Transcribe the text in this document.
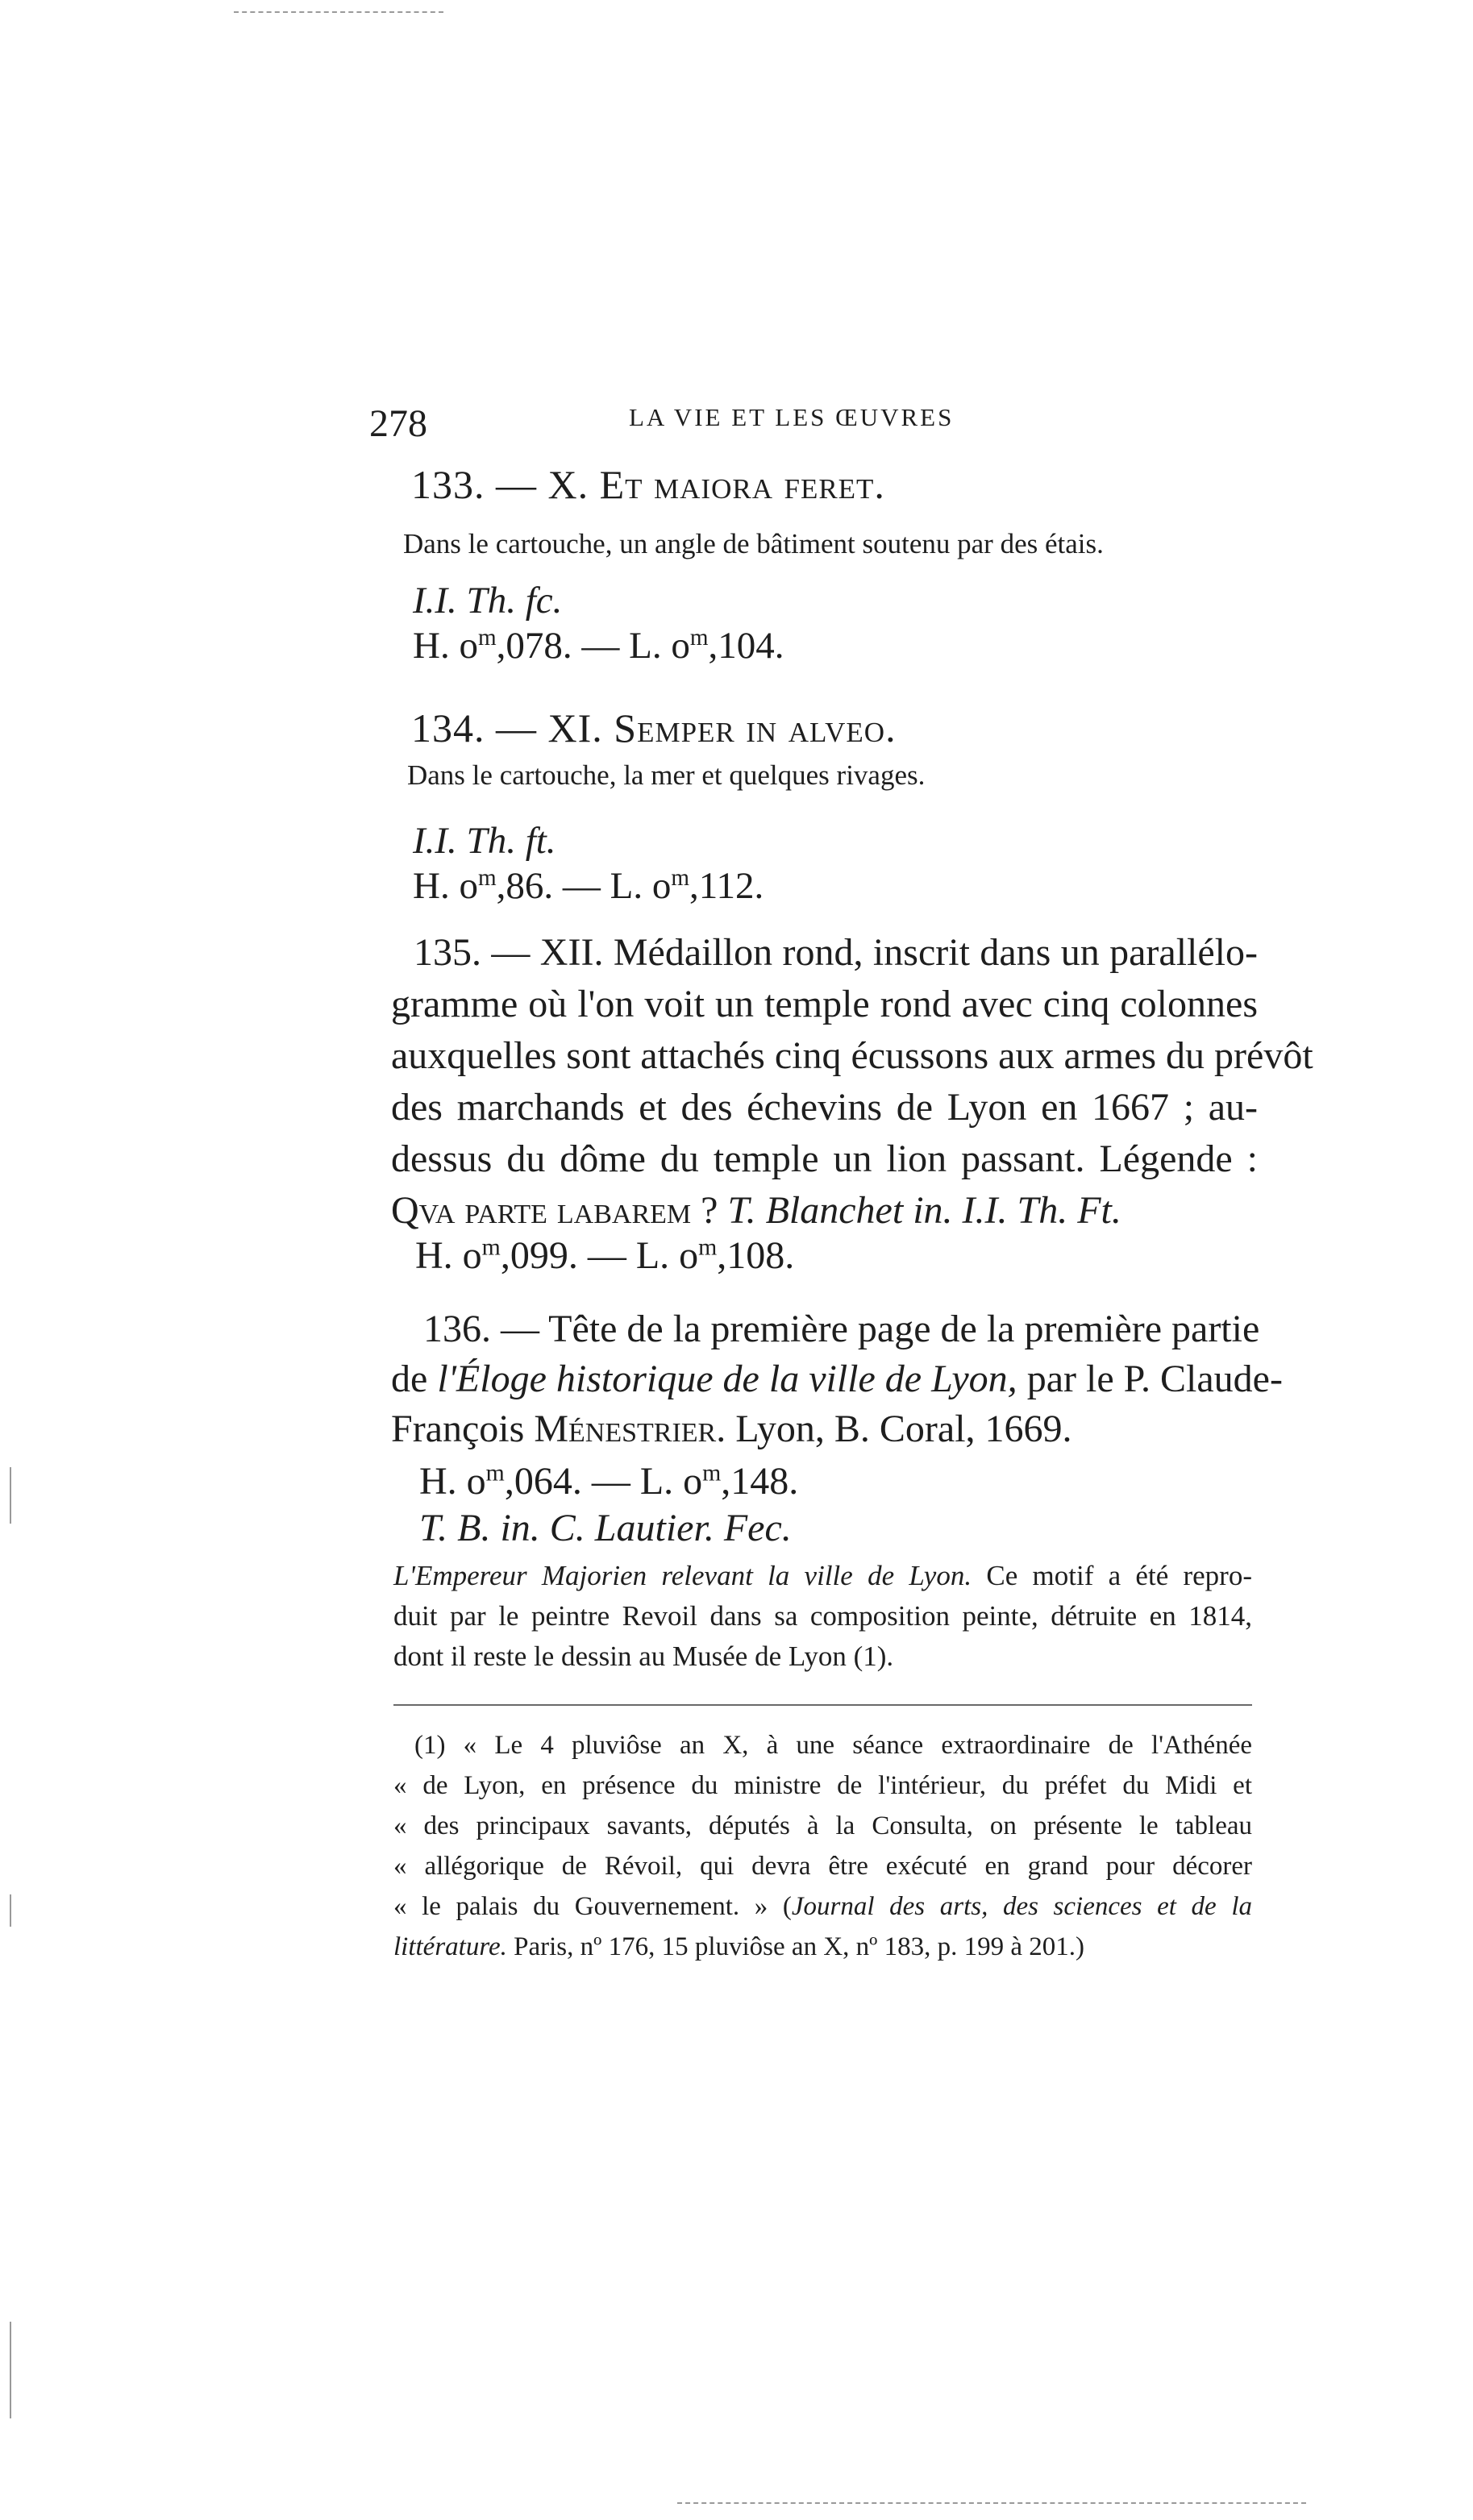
278	LA VIE ET LES ŒUVRES
133. — X. Et maiora feret.
Dans le cartouche, un angle de bâtiment soutenu par des étais.
I.I. Th. fc.
H. $o^m,078$. — L. $o^m,104$.
134. — XI. Semper in alveo.
Dans le cartouche, la mer et quelques rivages.
I.I. Th. ft.
H. $o^m,86$. — L. $o^m,112$.
135. — XII. Médaillon rond, inscrit dans un parallélo-
gramme où l'on voit un temple rond avec cinq colonnes
auxquelles sont attachés cinq écussons aux armes du prévôt
des marchands et des échevins de Lyon en 1667 ; au-
dessus du dôme du temple un lion passant. Légende :
Qva parte labarem ? T. Blanchet in. I.I. Th. Ft.
H. $o^m,099$. — L. $o^m,108$.
136. — Tête de la première page de la première partie
de l'Éloge historique de la ville de Lyon, par le P. Claude-
François Ménestrier. Lyon, B. Coral, 1669.
H. $o^m,064$. — L. $o^m,148$.
T. B. in. C. Lautier. Fec.
L'Empereur Majorien relevant la ville de Lyon. Ce motif a été repro-
duit par le peintre Revoil dans sa composition peinte, détruite en 1814,
dont il reste le dessin au Musée de Lyon (1).
(1) « Le 4 pluviôse an X, à une séance extraordinaire de l'Athénée
« de Lyon, en présence du ministre de l'intérieur, du préfet du Midi et
« des principaux savants, députés à la Consulta, on présente le tableau
« allégorique de Révoil, qui devra être exécuté en grand pour décorer
« le palais du Gouvernement. » (Journal des arts, des sciences et de la
littérature. Paris, nº 176, 15 pluviôse an X, nº 183, p. 199 à 201.)
